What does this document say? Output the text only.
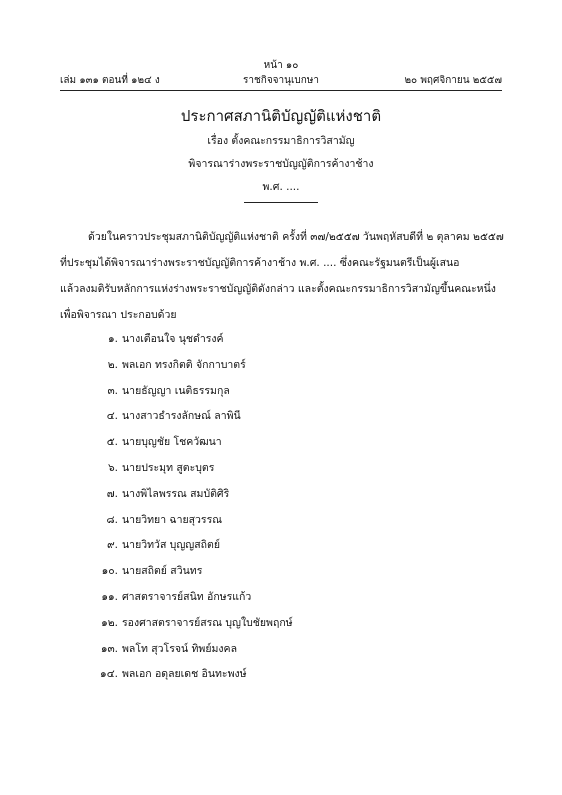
หน้า ๑๐
เล่ม ๑๓๑ ตอนที่ ๑๒๔ ง	ราชกิจจานุเบกษา	๒๐ พฤศจิกายน ๒๕๕๗
ประกาศสภานิติบัญญัติแห่งชาติ
เรื่อง ตั้งคณะกรรมาธิการวิสามัญ
พิจารณาร่างพระราชบัญญัติการค้างาช้าง
พ.ศ. ....
ด้วยในคราวประชุมสภานิติบัญญัติแห่งชาติ ครั้งที่ ๓๗/๒๕๕๗ วันพฤหัสบดีที่ ๒ ตุลาคม ๒๕๕๗
ที่ประชุมได้พิจารณาร่างพระราชบัญญัติการค้างาช้าง พ.ศ. .... ซึ่งคณะรัฐมนตรีเป็นผู้เสนอ
แล้วลงมติรับหลักการแห่งร่างพระราชบัญญัติดังกล่าว และตั้งคณะกรรมาธิการวิสามัญขึ้นคณะหนึ่ง
เพื่อพิจารณา ประกอบด้วย
๑. นางเตือนใจ นุชดำรงค์
๒. พลเอก ทรงกิตติ จักกาบาตร์
๓. นายธัญญา เนติธรรมกุล
๔. นางสาวธำรงลักษณ์ ลาพินี
๕. นายบุญชัย โชควัฒนา
๖. นายประมุท สูตะบุตร
๗. นางพิไลพรรณ สมบัติศิริ
๘. นายวิทยา ฉายสุวรรณ
๙. นายวิทวัส บุญญสถิตย์
๑๐. นายสถิตย์ สวินทร
๑๑. ศาสตราจารย์สนิท อักษรแก้ว
๑๒. รองศาสตราจารย์สรณ บุญใบชัยพฤกษ์
๑๓. พลโท สุวโรจน์ ทิพย์มงคล
๑๔. พลเอก อดุลยเดช อินทะพงษ์
